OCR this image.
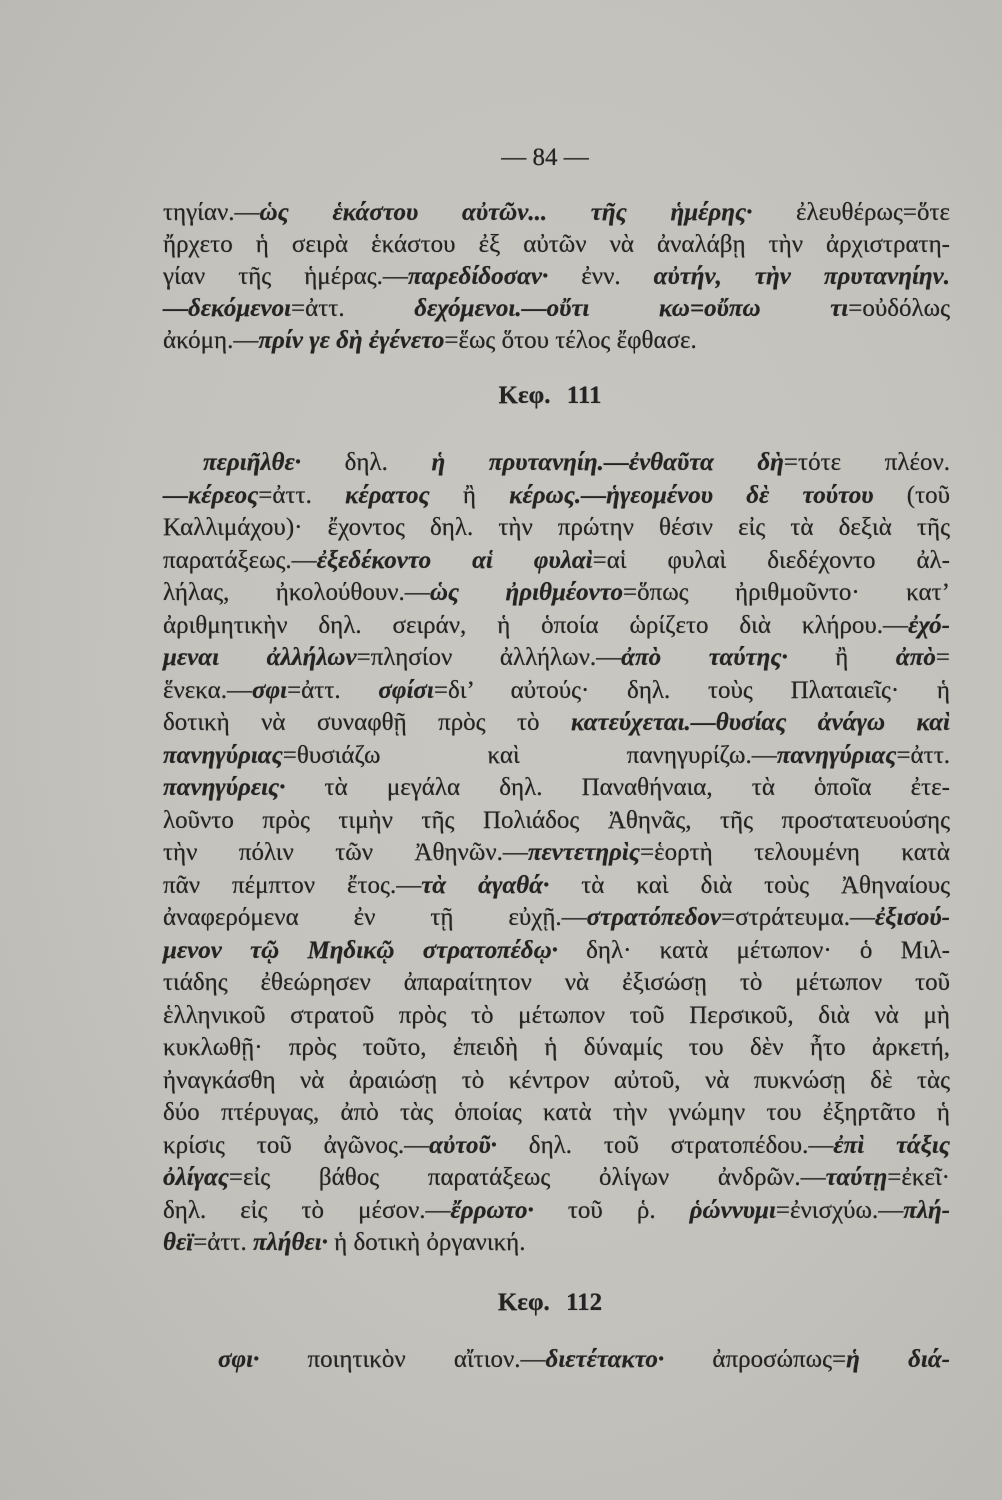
— 84 —
τηγίαν.—ὡς ἑκάστου αὐτῶν... τῆς ἡμέρης· ἐλευθέρως=ὅτε
ἤρχετο ἡ σειρὰ ἑκάστου ἐξ αὐτῶν νὰ ἀναλάβῃ τὴν ἀρχιστρατη-
γίαν τῆς ἡμέρας.—παρεδίδοσαν· ἐνν. αὐτήν, τὴν πρυτανηίην.
—δεκόμενοι=ἀττ. δεχόμενοι.—οὔτι κω=οὔπω τι=οὐδόλως
ἀκόμη.—πρίν γε δὴ ἐγένετο=ἕως ὅτου τέλος ἔφθασε.
Κεφ. 111
περιῆλθε· δηλ. ἡ πρυτανηίη.—ἐνθαῦτα δὴ=τότε πλέον.
—κέρεος=ἀττ. κέρατος ἢ κέρως.—ἡγεομένου δὲ τούτου (τοῦ
Καλλιμάχου)· ἔχοντος δηλ. τὴν πρώτην θέσιν εἰς τὰ δεξιὰ τῆς
παρατάξεως.—ἐξεδέκοντο αἱ φυλαὶ=αἱ φυλαὶ διεδέχοντο ἀλ-
λήλας, ἠκολούθουν.—ὡς ἠριθμέοντο=ὅπως ἠριθμοῦντο· κατ’
ἀριθμητικὴν δηλ. σειράν, ἡ ὁποία ὡρίζετο διὰ κλήρου.—ἐχό-
μεναι ἀλλήλων=πλησίον ἀλλήλων.—ἀπὸ ταύτης· ἢ ἀπὸ=
ἕνεκα.—σφι=ἀττ. σφίσι=δι’ αὐτούς· δηλ. τοὺς Πλαταιεῖς· ἡ
δοτικὴ νὰ συναφθῇ πρὸς τὸ κατεύχεται.—θυσίας ἀνάγω καὶ
πανηγύριας=θυσιάζω καὶ πανηγυρίζω.—πανηγύριας=ἀττ.
πανηγύρεις· τὰ μεγάλα δηλ. Παναθήναια, τὰ ὁποῖα ἐτε-
λοῦντο πρὸς τιμὴν τῆς Πολιάδος Ἀθηνᾶς, τῆς προστατευούσης
τὴν πόλιν τῶν Ἀθηνῶν.—πεντετηρὶς=ἑορτὴ τελουμένη κατὰ
πᾶν πέμπτον ἔτος.—τὰ ἀγαθά· τὰ καὶ διὰ τοὺς Ἀθηναίους
ἀναφερόμενα ἐν τῇ εὐχῇ.—στρατόπεδον=στράτευμα.—ἐξισού-
μενον τῷ Μηδικῷ στρατοπέδῳ· δηλ· κατὰ μέτωπον· ὁ Μιλ-
τιάδης ἐθεώρησεν ἀπαραίτητον νὰ ἐξισώσῃ τὸ μέτωπον τοῦ
ἑλληνικοῦ στρατοῦ πρὸς τὸ μέτωπον τοῦ Περσικοῦ, διὰ νὰ μὴ
κυκλωθῇ· πρὸς τοῦτο, ἐπειδὴ ἡ δύναμίς του δὲν ἦτο ἀρκετή,
ἠναγκάσθη νὰ ἀραιώσῃ τὸ κέντρον αὐτοῦ, νὰ πυκνώσῃ δὲ τὰς
δύο πτέρυγας, ἀπὸ τὰς ὁποίας κατὰ τὴν γνώμην του ἐξηρτᾶτο ἡ
κρίσις τοῦ ἀγῶνος.—αὐτοῦ· δηλ. τοῦ στρατοπέδου.—ἐπὶ τάξις
ὀλίγας=εἰς βάθος παρατάξεως ὀλίγων ἀνδρῶν.—ταύτῃ=ἐκεῖ·
δηλ. εἰς τὸ μέσον.—ἔρρωτο· τοῦ ῥ. ῥώννυμι=ἐνισχύω.—πλή-
θεϊ=ἀττ. πλήθει· ἡ δοτικὴ ὀργανική.
Κεφ. 112
σφι· ποιητικὸν αἴτιον.—διετέτακτο· ἀπροσώπως=ἡ διά-
